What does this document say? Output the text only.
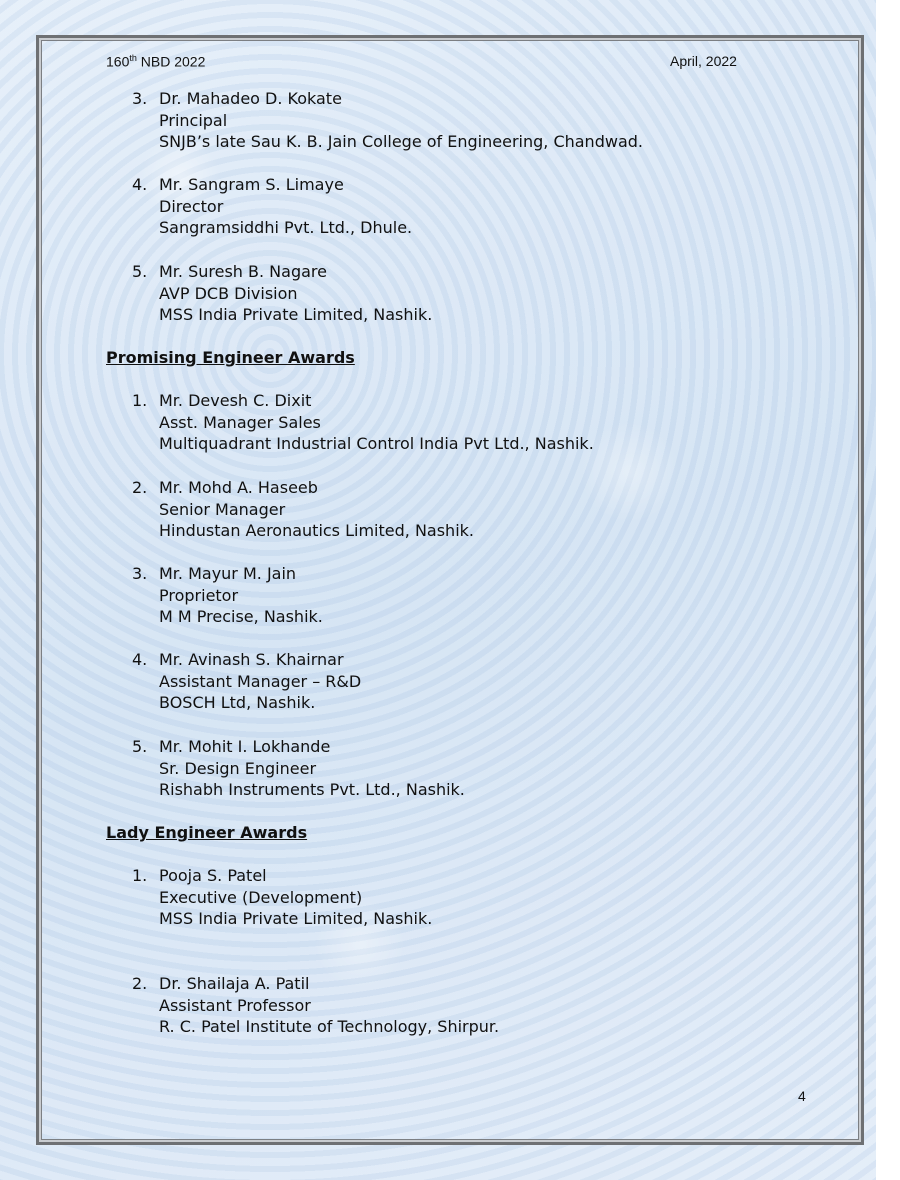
160th NBD 2022	April, 2022
3. Dr. Mahadeo D. Kokate
Principal
SNJB’s late Sau K. B. Jain College of Engineering, Chandwad.
4. Mr. Sangram S. Limaye
Director
Sangramsiddhi Pvt. Ltd., Dhule.
5. Mr. Suresh B. Nagare
AVP DCB Division
MSS India Private Limited, Nashik.
Promising Engineer Awards
1. Mr. Devesh C. Dixit
Asst. Manager Sales
Multiquadrant Industrial Control India Pvt Ltd., Nashik.
2. Mr. Mohd A. Haseeb
Senior Manager
Hindustan Aeronautics Limited, Nashik.
3. Mr. Mayur M. Jain
Proprietor
M M Precise, Nashik.
4. Mr. Avinash S. Khairnar
Assistant Manager – R&D
BOSCH Ltd, Nashik.
5. Mr. Mohit I. Lokhande
Sr. Design Engineer
Rishabh Instruments Pvt. Ltd., Nashik.
Lady Engineer Awards
1. Pooja S. Patel
Executive (Development)
MSS India Private Limited, Nashik.
2. Dr. Shailaja A. Patil
Assistant Professor
R. C. Patel Institute of Technology, Shirpur.
4
